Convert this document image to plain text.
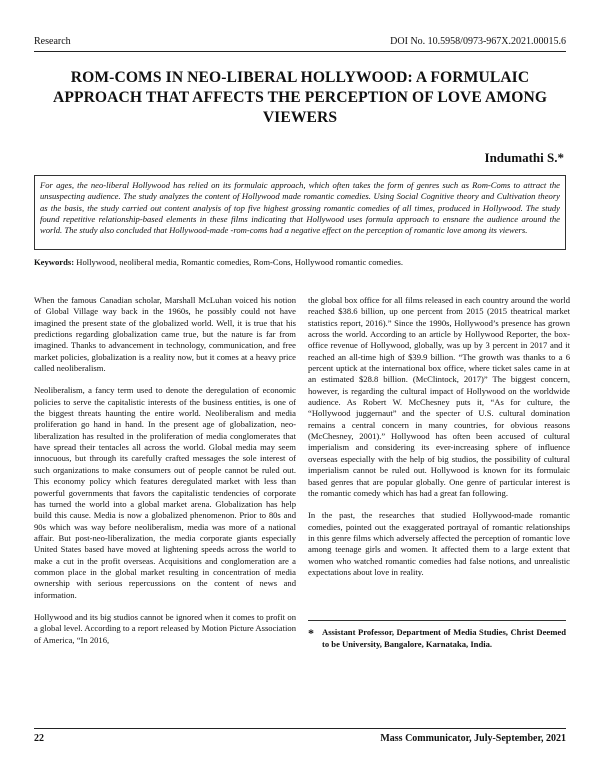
Research	DOI No. 10.5958/0973-967X.2021.00015.6
ROM-COMS IN NEO-LIBERAL HOLLYWOOD: A FORMULAIC APPROACH THAT AFFECTS THE PERCEPTION OF LOVE AMONG VIEWERS
Indumathi S.*
For ages, the neo-liberal Hollywood has relied on its formulaic approach, which often takes the form of genres such as Rom-Coms to attract the unsuspecting audience. The study analyzes the content of Hollywood made romantic comedies. Using Social Cognitive theory and Cultivation theory as the basis, the study carried out content analysis of top five highest grossing romantic comedies of all times, produced in Hollywood. The study found repetitive relationship-based elements in these films indicating that Hollywood uses formula approach to ensnare the audience around the world. The study also concluded that Hollywood-made -rom-coms had a negative effect on the perception of romantic love among its viewers.
Keywords: Hollywood, neoliberal media, Romantic comedies, Rom-Cons, Hollywood romantic comedies.

When the famous Canadian scholar, Marshall McLuhan voiced his notion of Global Village way back in the 1960s, he possibly could not have imagined the present state of the globalized world. Well, it is true that his predictions regarding globalization came true, but the nature is far from imagined. Thanks to advancement in technology, communication, and free market policies, globalization is a reality now, but it comes at a heavy price called neoliberalism.

Neoliberalism, a fancy term used to denote the deregulation of economic policies to serve the capitalistic interests of the business entities, is one of the biggest threats haunting the entire world. Neoliberalism and media proliferation go hand in hand. In the present age of globalization, neo-liberalization has resulted in the proliferation of media conglomerates that have spread their tentacles all across the world. Global media may seem innocuous, but through its carefully crafted messages the sole interest of such organizations to make consumers out of people cannot be ruled out. This economy policy which features deregulated market with less than powerful governments that favors the capitalistic tendencies of corporate has turned the world into a global market arena. Globalization has help build this cause. Media is now a globalized phenomenon. Prior to 80s and 90s which was way before neoliberalism, media was more of a national affair. But post-neo-liberalization, the media corporate giants especially United States based have moved at lightening speeds across the world to make a cut in the profit overseas. Acquisitions and conglomeration are a common place in the global market resulting in concentration of media ownership with serious repercussions on the content of news and information.

Hollywood and its big studios cannot be ignored when it comes to profit on a global level. According to a report released by Motion Picture Association of America, “In 2016,

the global box office for all films released in each country around the world reached $38.6 billion, up one percent from 2015 (2015 theatrical market statistics report, 2016).” Since the 1990s, Hollywood’s presence has grown across the world. According to an article by Hollywood Reporter, the box-office revenue of Hollywood, globally, was up by 3 percent in 2017 and it reached an all-time high of $39.9 billion. “The growth was thanks to a 6 percent uptick at the international box office, where ticket sales came in at an estimated $28.8 billion. (McClintock, 2017)” The biggest concern, however, is regarding the cultural impact of Hollywood on the worldwide audience. As Robert W. McChesney puts it, “As for culture, the “Hollywood juggernaut” and the specter of U.S. cultural domination remains a central concern in many countries, for obvious reasons (McChesney, 2001).” Hollywood has often been accused of cultural imperialism and considering its ever-increasing sphere of influence overseas especially with the help of big studios, the possibility of cultural imperialism cannot be ruled out. Hollywood is known for its formulaic based genres that are popular globally. One genre of particular interest is the romantic comedy which has had a great fan following.

In the past, the researches that studied Hollywood-made romantic comedies, pointed out the exaggerated portrayal of romantic relationships in this genre films which adversely affected the perception of romantic love among teenage girls and women. It affected them to a large extent that women who watched romantic comedies had false notions, and unrealistic expectations about love in reality.

* Assistant Professor, Department of Media Studies, Christ Deemed to be University, Bangalore, Karnataka, India.
22	Mass Communicator, July-September, 2021
